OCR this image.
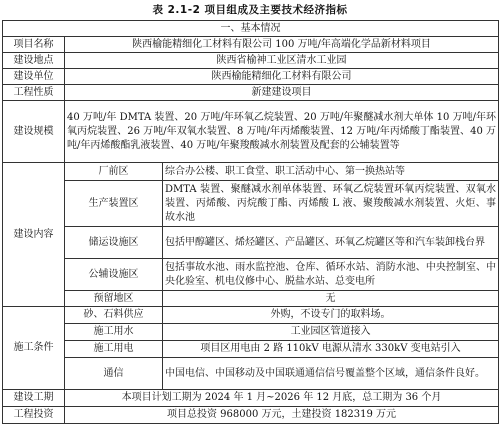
表 2.1-2 项目组成及主要技术经济指标
一、基本情况		
项目名称	陕西榆能精细化工材料有限公司 100 万吨/年高端化学品新材料项目	
建设地点	陕西省榆神工业区清水工业园	
建设单位	陕西榆能精细化工材料有限公司	
工程性质	新建建设项目	
建设规模	40 万吨/年 DMTA 装置、20 万吨/年环氧乙烷装置、20 万吨/年聚醚减水剂大单体 10 万吨/年环氧丙烷装置、26 万吨/年双氧水装置、8 万吨/年丙烯酸装置、12 万吨/年丙烯酸丁酯装置、40 万吨/年丙烯酸酯乳液装置、40 万吨/年聚羧酸减水剂装置及配套的公辅装置等	
建设内容	厂前区	综合办公楼、职工食堂、职工活动中心、第一换热站等
	生产装置区	DMTA 装置、聚醚减水剂单体装置、环氧乙烷装置环氧丙烷装置、双氧水装置、丙烯酸、丙烷酸丁酯、丙烯酸 L 液、聚羧酸减水剂装置、火炬、事故水池
	储运设施区	包括甲醇罐区、烯烃罐区、产品罐区、环氧乙烷罐区等和汽车装卸栈台界
	公辅设施区	包括事故水池、雨水监控池、仓库、循环水站、消防水池、中央控制室、中央化验室、机电仪修中心、脱盐水站、总变电所
	预留地区	无
施工条件	砂、石料供应	外购，不设专门的取料场。
	施工用水	工业园区管道接入
	施工用电	项目区用电由 2 路 110kV 电源从清水 330kV 变电站引入
	通信	中国电信、中国移动及中国联通通信信号覆盖整个区域，通信条件良好。
建设工期	本项目计划工期为 2024 年 1 月~2026 年 12 月底，总工期为 36 个月	
工程投资	项目总投资 968000 万元，土建投资 182319 万元	
